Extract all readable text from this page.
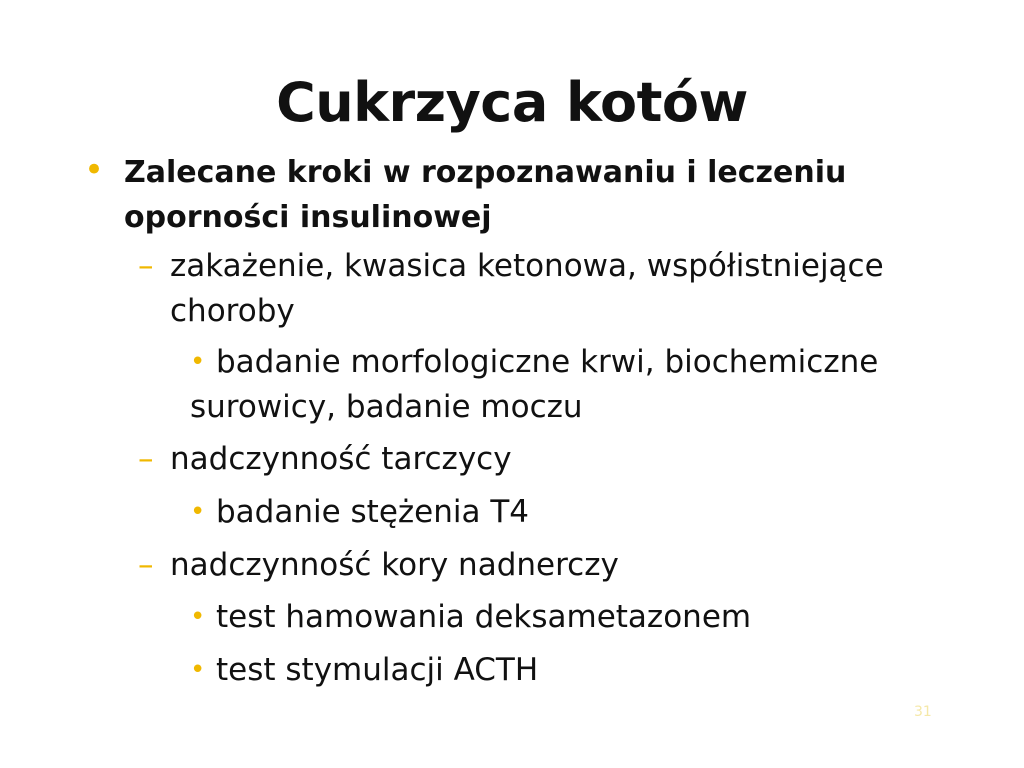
Cukrzyca kotów
• Zalecane kroki w rozpoznawaniu i leczeniu oporności insulinowej
– zakażenie, kwasica ketonowa, współistniejące choroby
• badanie morfologiczne krwi, biochemiczne surowicy, badanie moczu
– nadczynność tarczycy
• badanie stężenia T4
– nadczynność kory nadnerczy
• test hamowania deksametazonem
• test stymulacji ACTH
31
